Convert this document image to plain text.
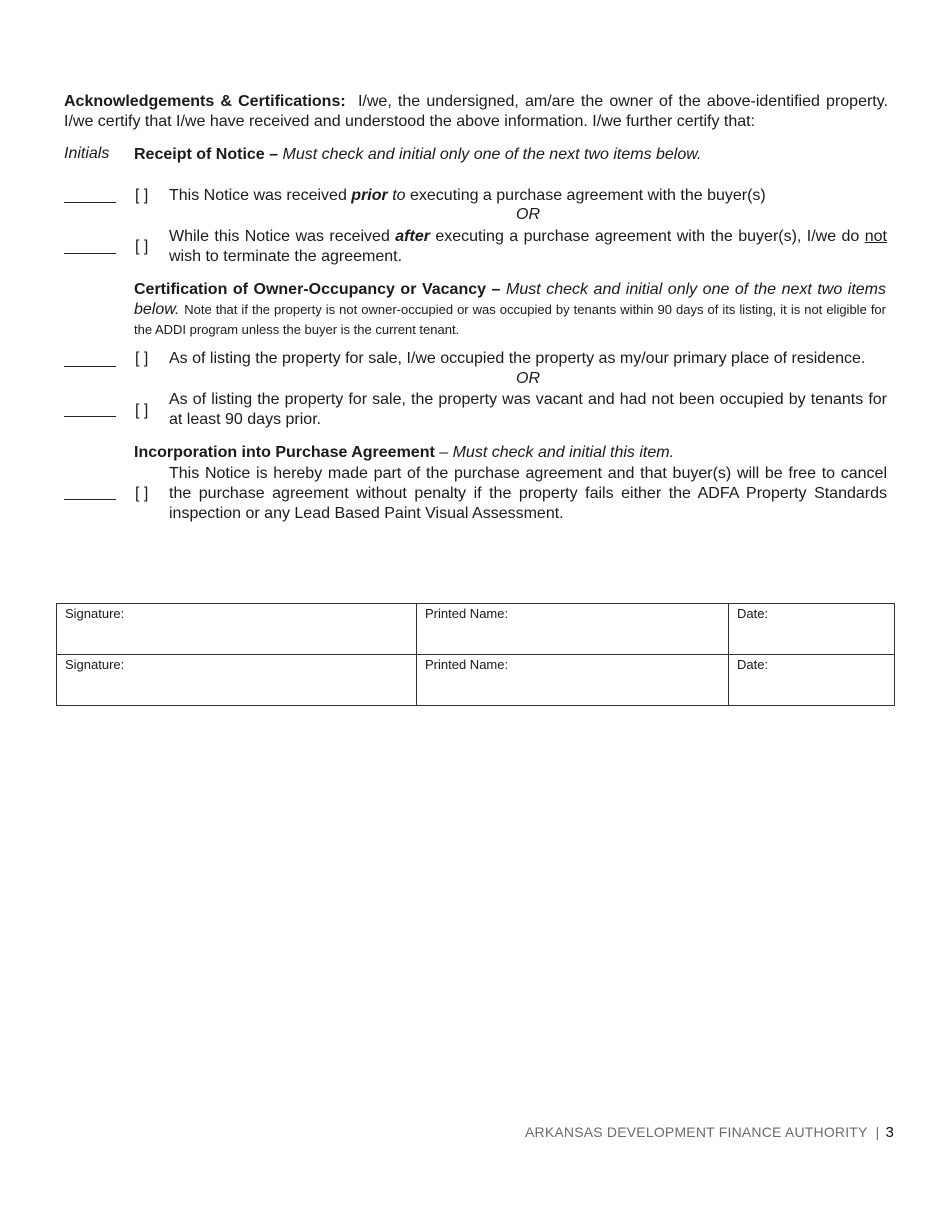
Acknowledgements & Certifications: I/we, the undersigned, am/are the owner of the above-identified property. I/we certify that I/we have received and understood the above information. I/we further certify that:
Initials Receipt of Notice – Must check and initial only one of the next two items below.
[ ] This Notice was received prior to executing a purchase agreement with the buyer(s)
OR
[ ]
While this Notice was received after executing a purchase agreement with the buyer(s), I/we do not wish to terminate the agreement.
Certification of Owner-Occupancy or Vacancy – Must check and initial only one of the next two items below. Note that if the property is not owner-occupied or was occupied by tenants within 90 days of its listing, it is not eligible for the ADDI program unless the buyer is the current tenant.
[ ] As of listing the property for sale, I/we occupied the property as my/our primary place of residence.
OR
[ ]
As of listing the property for sale, the property was vacant and had not been occupied by tenants for at least 90 days prior.
Incorporation into Purchase Agreement – Must check and initial this item.
[ ]
This Notice is hereby made part of the purchase agreement and that buyer(s) will be free to cancel the purchase agreement without penalty if the property fails either the ADFA Property Standards inspection or any Lead Based Paint Visual Assessment.
Signature:	Printed Name:	Date:
Signature:	Printed Name:	Date:
ARKANSAS DEVELOPMENT FINANCE AUTHORITY | 3
